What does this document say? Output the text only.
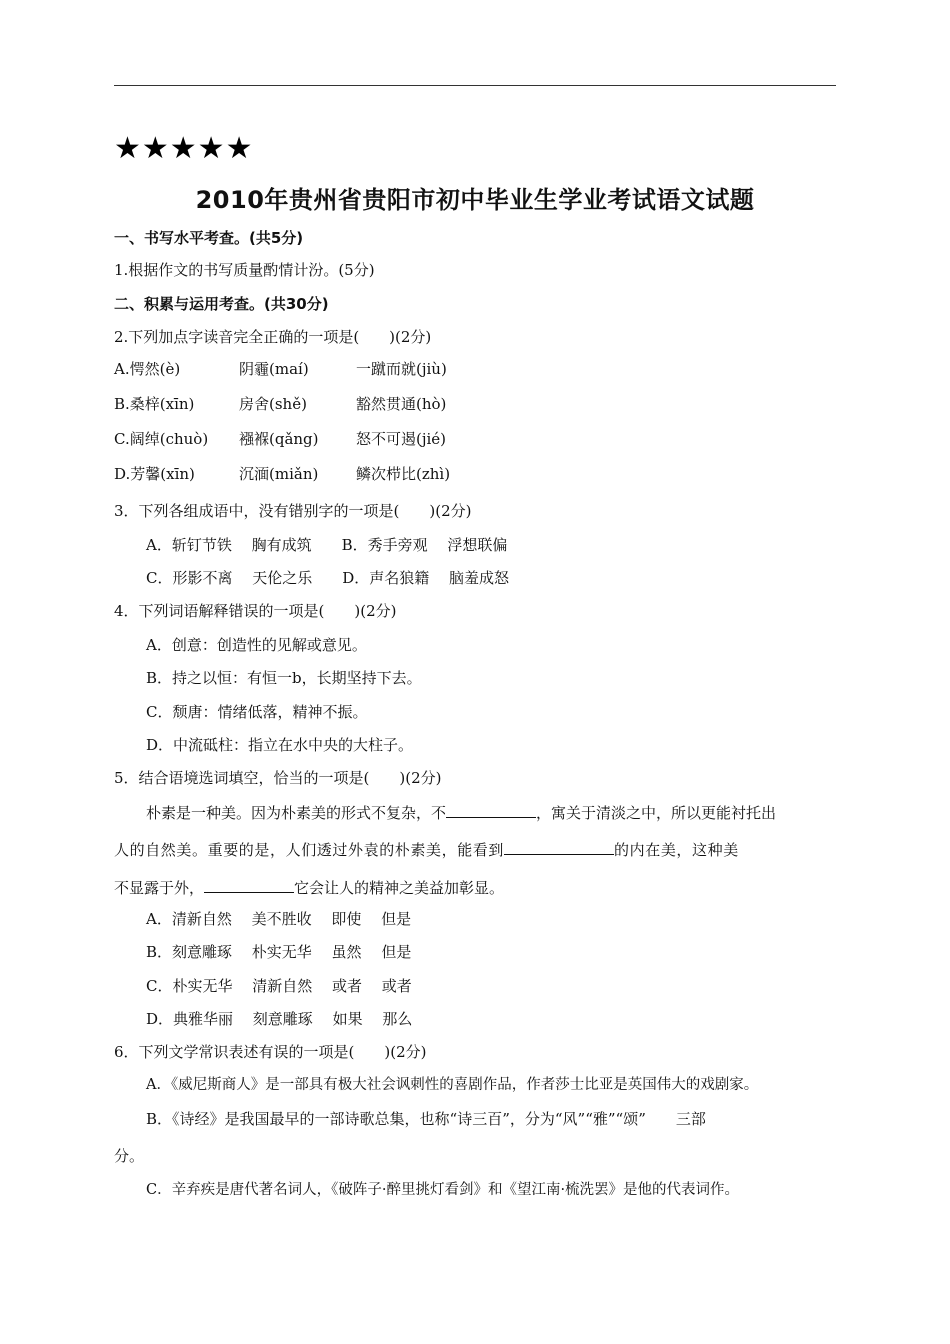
★★★★★
2010年贵州省贵阳市初中毕业生学业考试语文试题
一、书写水平考查。(共5分)
1.根据作文的书写质量酌情计汾。(5分)
二、积累与运用考查。(共30分)
2.下列加点字读音完全正确的一项是(　　)(2分)
A.愕然(è)	阴霾(maí)	一蹴而就(jiù)
B.桑梓(xīn)	房舍(shě)	豁然贯通(hò)
C.阔绰(chuò) 襁褓(qǎng) 怒不可遏(jié)
D.芳馨(xīn)	沉湎(miǎn)	鳞次栉比(zhì)
3．下列各组成语中，没有错别字的一项是(　　)(2分)
A．斩钉节铁　 胸有成筑　　B．秀手旁观　 浮想联偏
C．形影不离　 天伦之乐　　D．声名狼籍　 脑羞成怒
4．下列词语解释错误的一项是(　　)(2分)
A．创意：创造性的见解或意见。
B．持之以恒：有恒一b，长期坚持下去。
C．颓唐：情绪低落，精神不振。
D．中流砥柱：指立在水中央的大柱子。
5．结合语境选词填空，恰当的一项是(　　)(2分)
朴素是一种美。因为朴素美的形式不复杂，不	，寓关于清淡之中，所以更能衬托出
人的自然美。重要的是，人们透过外袁的朴素美，能看到	的内在美，这种美
不显露于外，	它会让人的精神之美益加彰显。
A．清新自然　 美不胜收　 即使　 但是
B．刻意雕琢　 朴实无华　 虽然　 但是
C．朴实无华　 清新自然　 或者　 或者
D．典雅华丽　 刻意雕琢　 如果　 那么
6．下列文学常识表述有误的一项是(　　)(2分)
A．《威尼斯商人》是一部具有极大社会讽刺性的喜剧作品，作者莎士比亚是英国伟大的戏剧家。
B．《诗经》是我国最早的一部诗歌总集，也称“诗三百”，分为“风”“雅”“颂”　　三部
分。
C．辛弃疾是唐代著名词人，《破阵子·醉里挑灯看剑》和《望江南·梳洗罢》是他的代表词作。
